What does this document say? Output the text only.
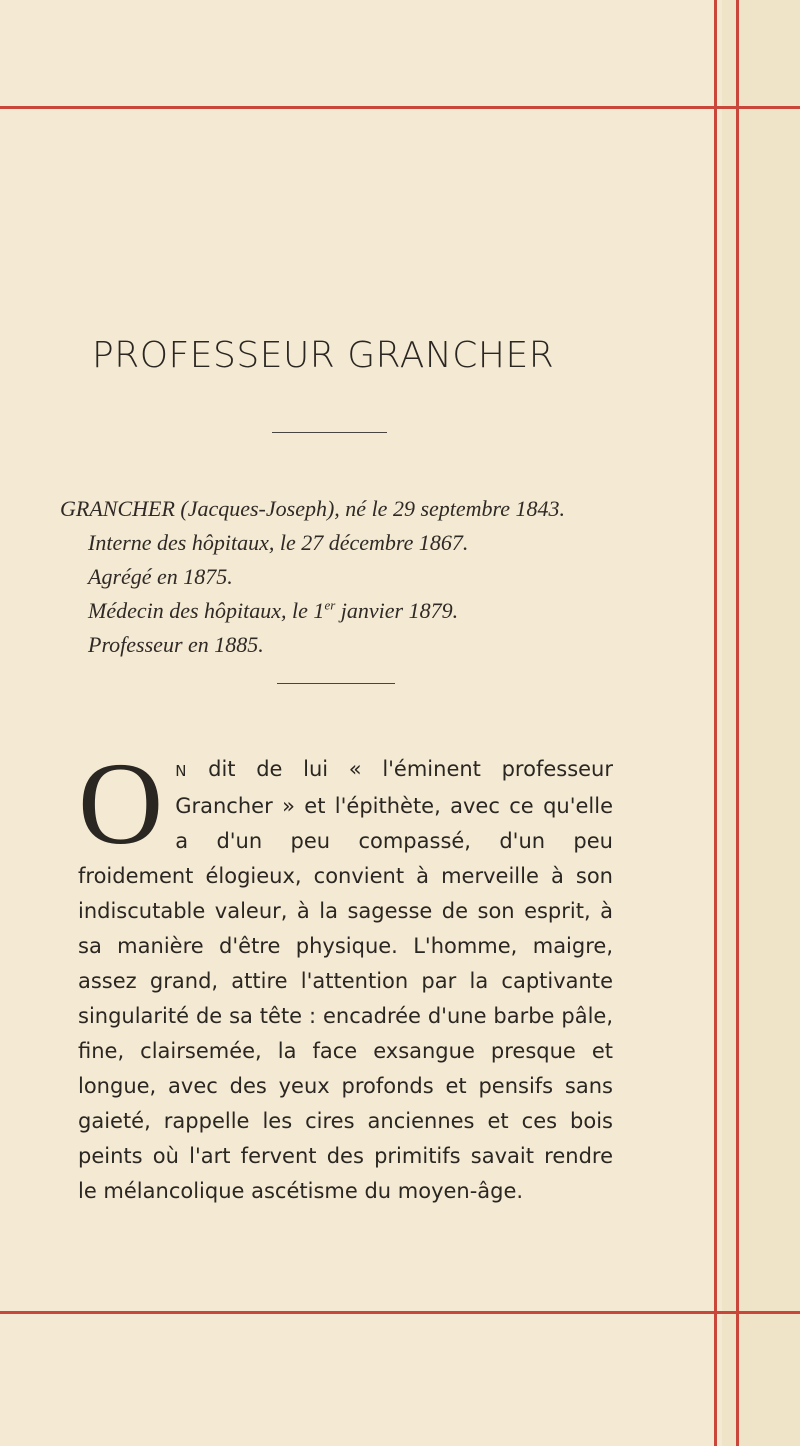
PROFESSEUR GRANCHER
GRANCHER (Jacques-Joseph), né le 29 septembre 1843.
Interne des hôpitaux, le 27 décembre 1867.
Agrégé en 1875.
Médecin des hôpitaux, le 1er janvier 1879.
Professeur en 1885.
O N dit de lui « l'éminent professeur Grancher » et l'épithète, avec ce qu'elle a d'un peu compassé, d'un peu froidement élogieux, convient à merveille à son indiscutable valeur, à la sagesse de son esprit, à sa manière d'être physique. L'homme, maigre, assez grand, attire l'attention par la captivante singularité de sa tête : encadrée d'une barbe pâle, fine, clairsemée, la face exsangue presque et longue, avec des yeux profonds et pensifs sans gaieté, rappelle les cires anciennes et ces bois peints où l'art fervent des primitifs savait rendre le mélancolique ascétisme du moyen-âge.
